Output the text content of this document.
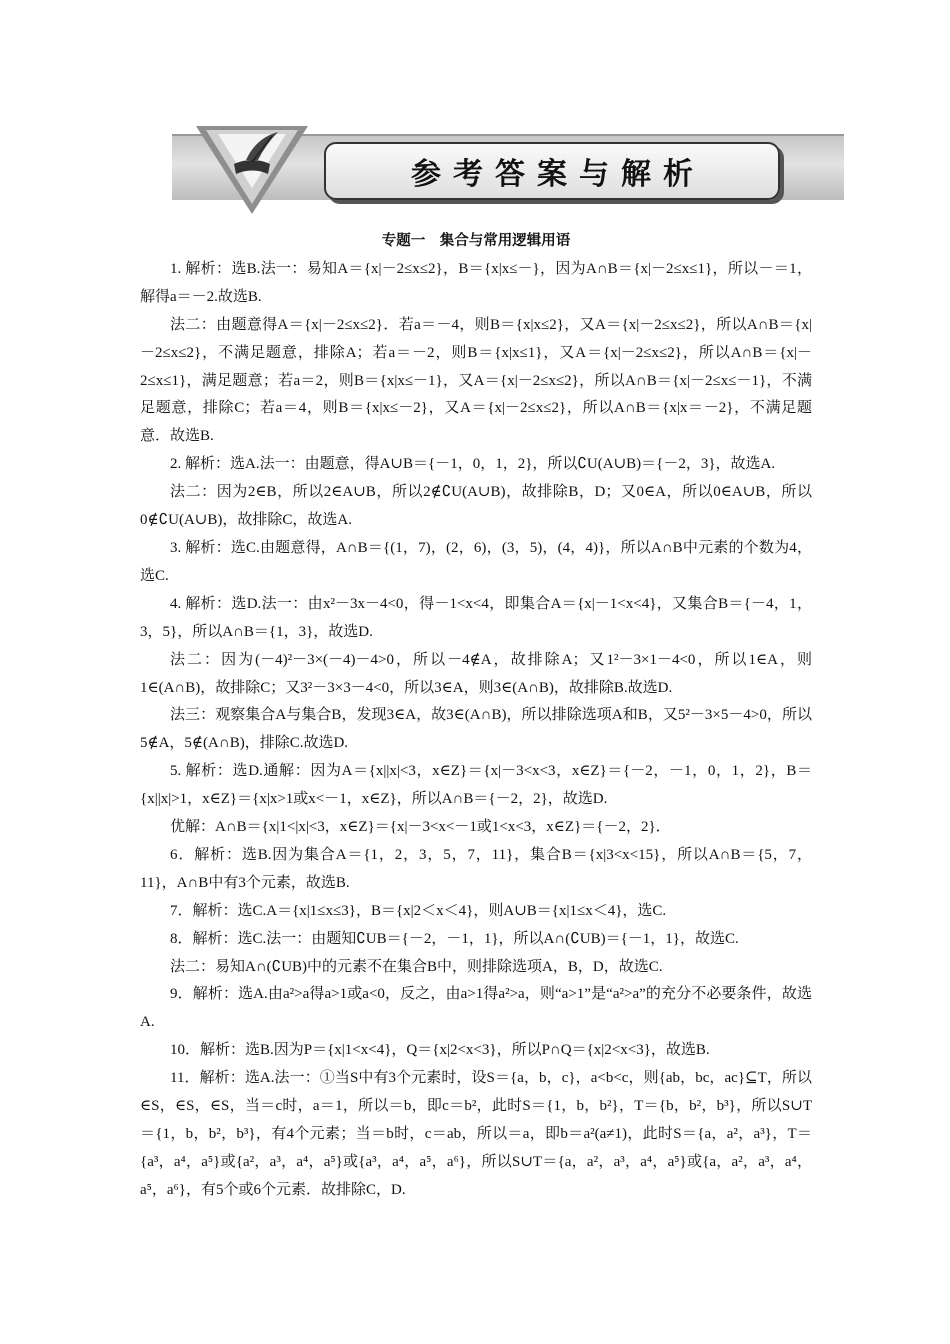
参考答案与解析
专题一　集合与常用逻辑用语

1. 解析：选B.法一：易知A＝{x|－2≤x≤2}，B＝{x|x≤－}，因为A∩B＝{x|－2≤x≤1}，所以－＝1，解得a＝－2.故选B.

法二：由题意得A＝{x|－2≤x≤2}．若a＝－4，则B＝{x|x≤2}，又A＝{x|－2≤x≤2}，所以A∩B＝{x|－2≤x≤2}，不满足题意，排除A；若a＝－2，则B＝{x|x≤1}，又A＝{x|－2≤x≤2}，所以A∩B＝{x|－2≤x≤1}，满足题意；若a＝2，则B＝{x|x≤－1}，又A＝{x|－2≤x≤2}，所以A∩B＝{x|－2≤x≤－1}，不满足题意，排除C；若a＝4，则B＝{x|x≤－2}，又A＝{x|－2≤x≤2}，所以A∩B＝{x|x＝－2}，不满足题意．故选B.

2. 解析：选A.法一：由题意，得A∪B＝{－1，0，1，2}，所以∁U(A∪B)＝{－2，3}，故选A.

法二：因为2∈B，所以2∈A∪B，所以2∉∁U(A∪B)，故排除B，D；又0∈A，所以0∈A∪B，所以0∉∁U(A∪B)，故排除C，故选A.

3. 解析：选C.由题意得，A∩B＝{(1，7)，(2，6)，(3，5)，(4，4)}，所以A∩B中元素的个数为4，选C.

4. 解析：选D.法一：由x²－3x－4<0，得－1<x<4，即集合A＝{x|－1<x<4}，又集合B＝{－4，1，3，5}，所以A∩B＝{1，3}，故选D.

法二：因为(－4)²－3×(－4)－4>0，所以－4∉A，故排除A；又1²－3×1－4<0，所以1∈A，则1∈(A∩B)，故排除C；又3²－3×3－4<0，所以3∈A，则3∈(A∩B)，故排除B.故选D.

法三：观察集合A与集合B，发现3∈A，故3∈(A∩B)，所以排除选项A和B，又5²－3×5－4>0，所以5∉A，5∉(A∩B)，排除C.故选D.

5. 解析：选D.通解：因为A＝{x||x|<3，x∈Z}＝{x|－3<x<3，x∈Z}＝{－2，－1，0，1，2}，B＝{x||x|>1，x∈Z}＝{x|x>1或x<－1，x∈Z}，所以A∩B＝{－2，2}，故选D.

优解：A∩B＝{x|1<|x|<3，x∈Z}＝{x|－3<x<－1或1<x<3，x∈Z}＝{－2，2}．

6．解析：选B.因为集合A＝{1，2，3，5，7，11}，集合B＝{x|3<x<15}，所以A∩B＝{5，7，11}，A∩B中有3个元素，故选B.

7．解析：选C.A＝{x|1≤x≤3}，B＝{x|2＜x＜4}，则A∪B＝{x|1≤x＜4}，选C.

8．解析：选C.法一：由题知∁UB＝{－2，－1，1}，所以A∩(∁UB)＝{－1，1}，故选C.

法二：易知A∩(∁UB)中的元素不在集合B中，则排除选项A，B，D，故选C.

9．解析：选A.由a²>a得a>1或a<0，反之，由a>1得a²>a，则“a>1”是“a²>a”的充分不必要条件，故选A.

10．解析：选B.因为P＝{x|1<x<4}，Q＝{x|2<x<3}，所以P∩Q＝{x|2<x<3}，故选B.

11．解析：选A.法一：①当S中有3个元素时，设S＝{a，b，c}，a<b<c，则{ab，bc，ac}⊆T，所以∈S，∈S，∈S，当＝c时，a＝1，所以＝b，即c＝b²，此时S＝{1，b，b²}，T＝{b，b²，b³}，所以S∪T＝{1，b，b²，b³}，有4个元素；当＝b时，c＝ab，所以＝a，即b＝a²(a≠1)，此时S＝{a，a²，a³}，T＝{a³，a⁴，a⁵}或{a²，a³，a⁴，a⁵}或{a³，a⁴，a⁵，a⁶}，所以S∪T＝{a，a²，a³，a⁴，a⁵}或{a，a²，a³，a⁴，a⁵，a⁶}，有5个或6个元素．故排除C，D.
